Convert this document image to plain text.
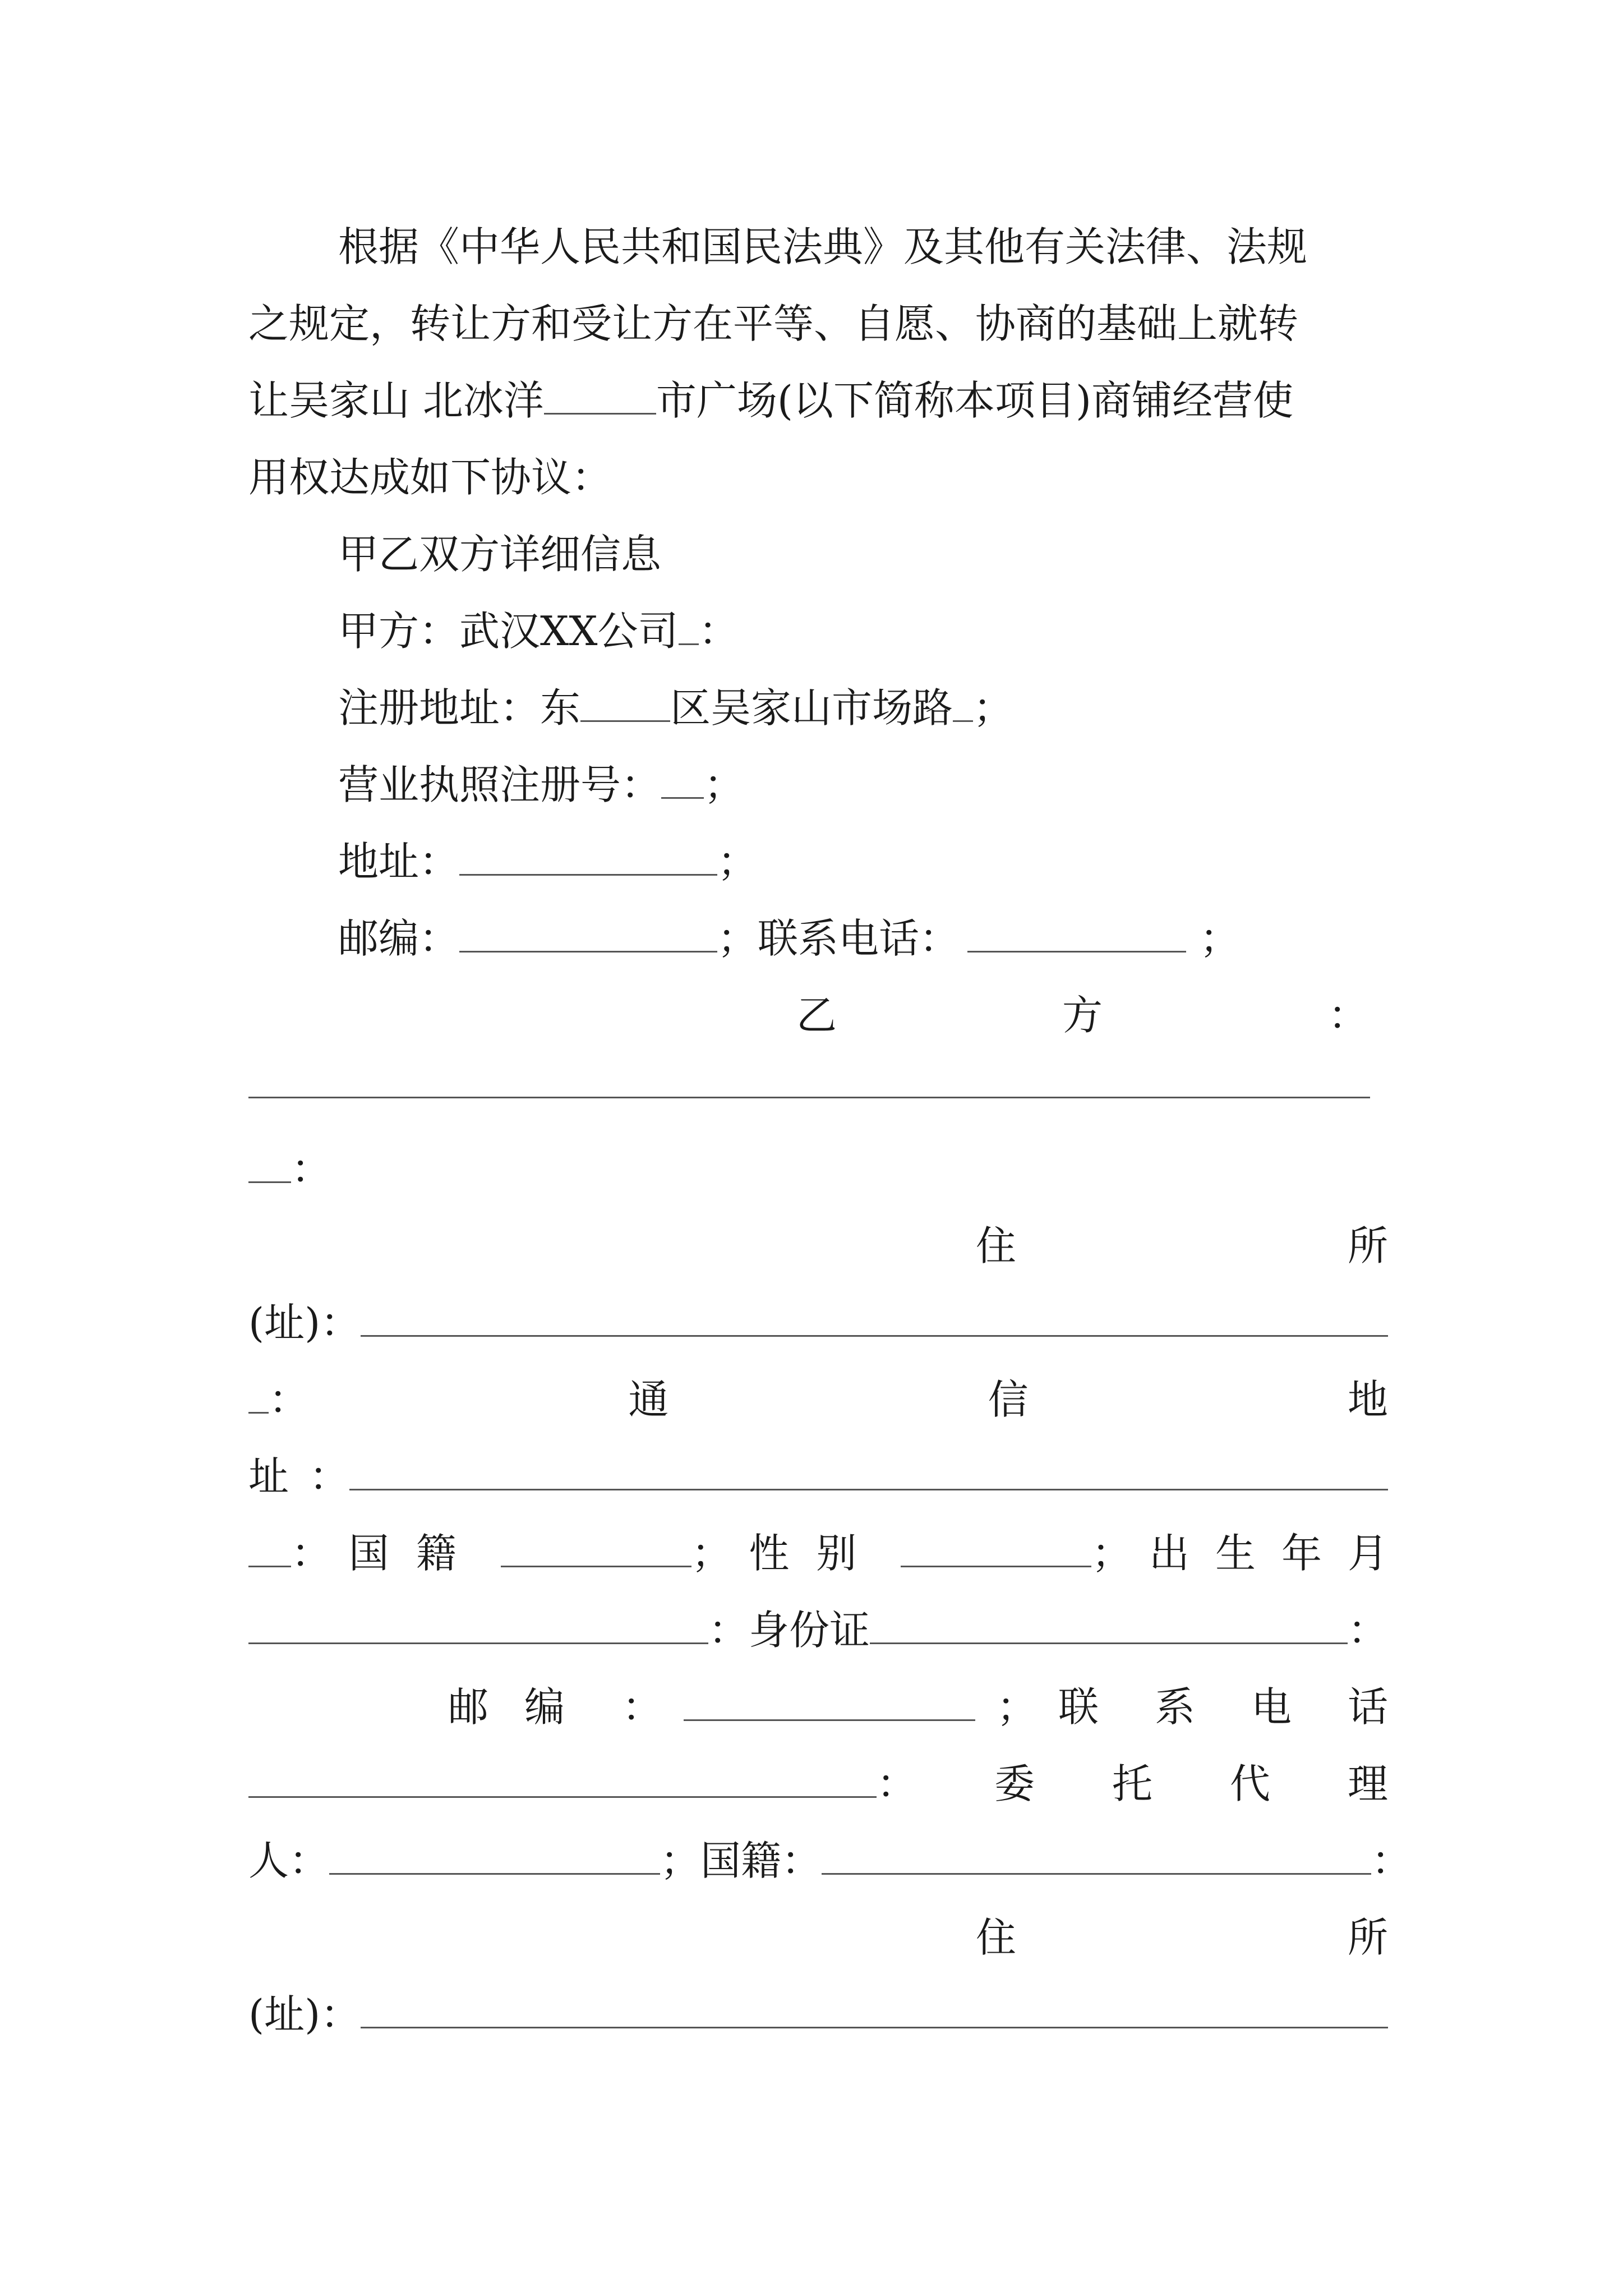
根据《中华人民共和国民法典》及其他有关法律、法规
之规定，转让方和受让方在平等、自愿、协商的基础上就转
让吴家山 北冰洋	市广场(以下简称本项目)商铺经营使
用权达成如下协议：
甲乙双方详细信息
甲方：武汉XX公司 ：
注册地址：东 区吴家山市场路 ；
营业执照注册号： ；
地址：	；
邮编：	；联系电话：	；
乙	方	：
：
住	所
(址)：
：	通	信	地
址 ：
： 国籍	； 性别	； 出生年月
： 身份证	：
邮编 ：	； 联系电话
： 委 托 代 理
人：	；国籍：	：
住	所
(址)：
